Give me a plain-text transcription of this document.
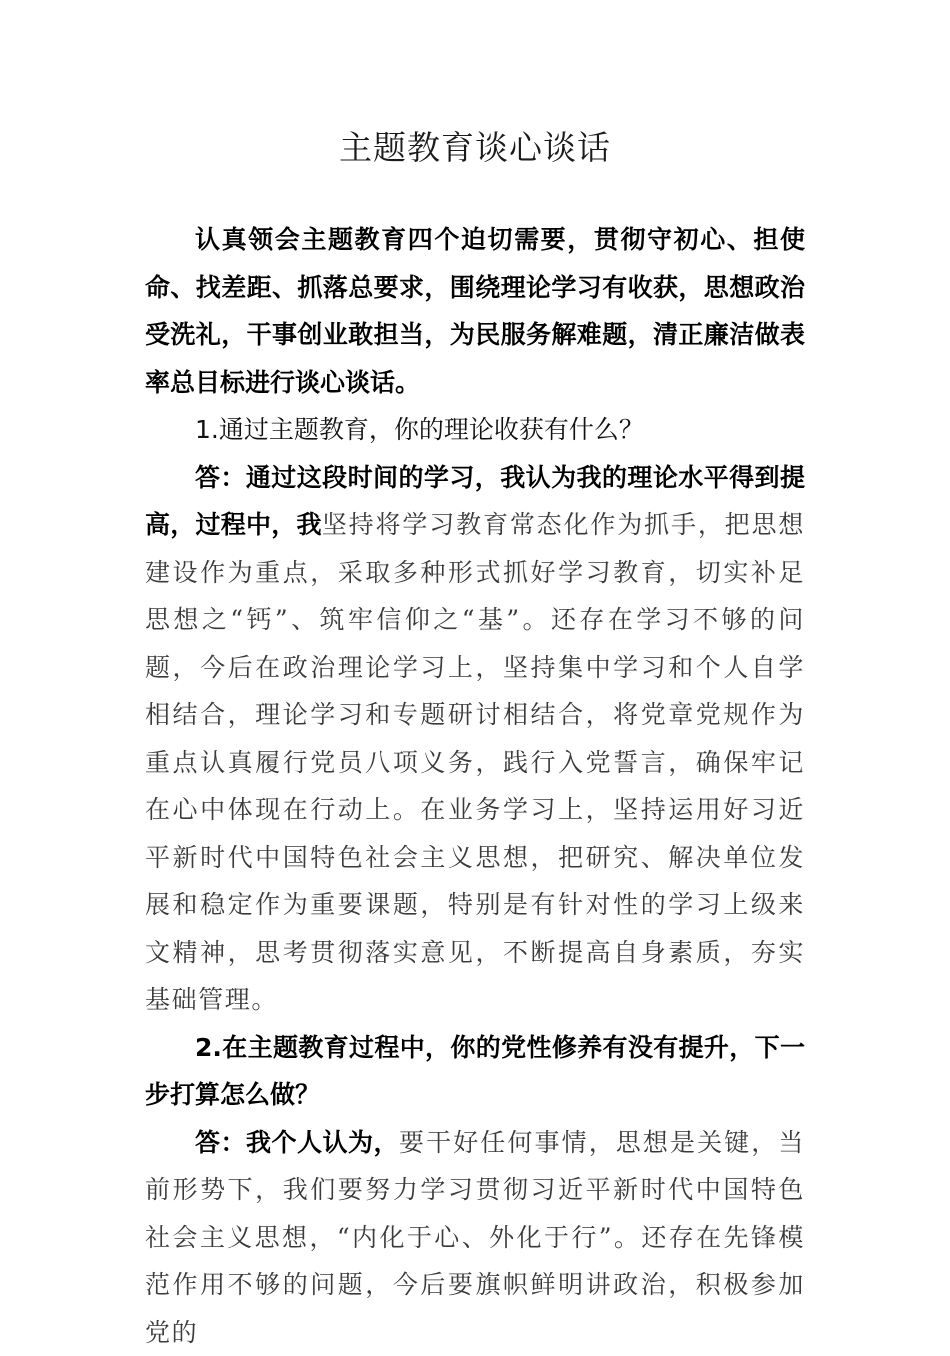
主题教育谈心谈话

认真领会主题教育四个迫切需要，贯彻守初心、担使命、找差距、抓落总要求，围绕理论学习有收获，思想政治受洗礼，干事创业敢担当，为民服务解难题，清正廉洁做表率总目标进行谈心谈话。

1.通过主题教育，你的理论收获有什么？

答：通过这段时间的学习，我认为我的理论水平得到提高，过程中，我坚持将学习教育常态化作为抓手，把思想建设作为重点，采取多种形式抓好学习教育，切实补足思想之“钙”、筑牢信仰之“基”。还存在学习不够的问题，今后在政治理论学习上，坚持集中学习和个人自学相结合，理论学习和专题研讨相结合，将党章党规作为重点认真履行党员八项义务，践行入党誓言，确保牢记在心中体现在行动上。在业务学习上，坚持运用好习近平新时代中国特色社会主义思想，把研究、解决单位发展和稳定作为重要课题，特别是有针对性的学习上级来文精神，思考贯彻落实意见，不断提高自身素质，夯实基础管理。

2.在主题教育过程中，你的党性修养有没有提升，下一步打算怎么做？

答：我个人认为，要干好任何事情，思想是关键，当前形势下，我们要努力学习贯彻习近平新时代中国特色社会主义思想，“内化于心、外化于行”。还存在先锋模范作用不够的问题，今后要旗帜鲜明讲政治，积极参加党的
